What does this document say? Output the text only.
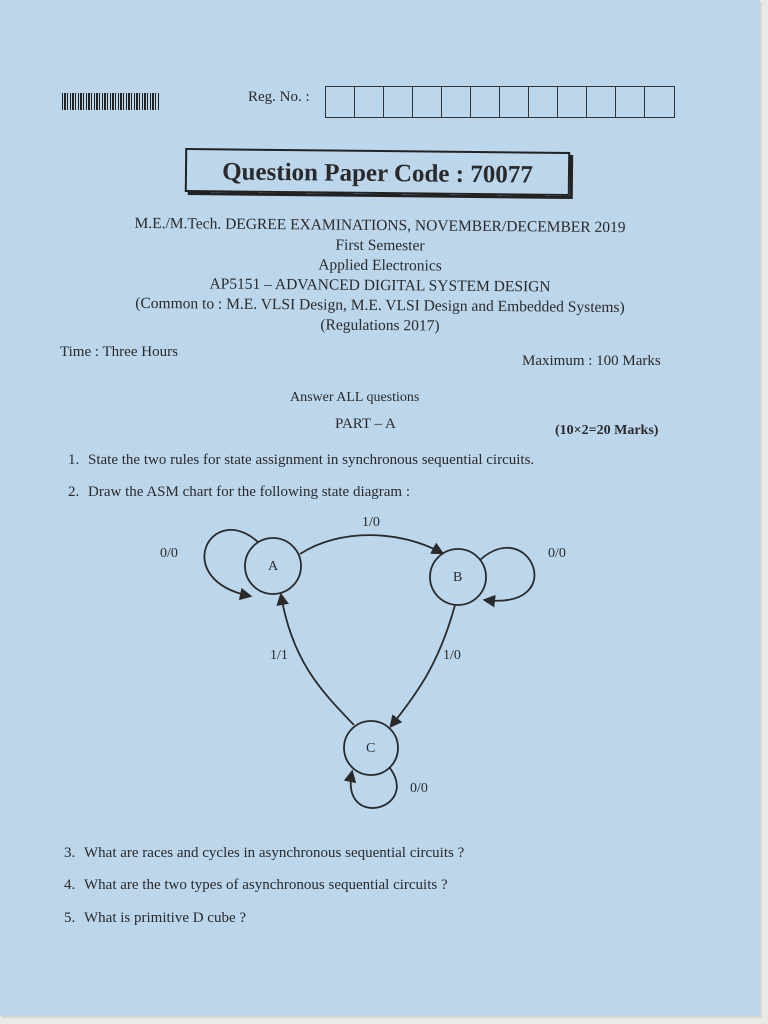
Reg. No. :
Question Paper Code : 70077
M.E./M.Tech. DEGREE EXAMINATIONS, NOVEMBER/DECEMBER 2019
First Semester
Applied Electronics
AP5151 – ADVANCED DIGITAL SYSTEM DESIGN
(Common to : M.E. VLSI Design, M.E. VLSI Design and Embedded Systems)
(Regulations 2017)
Time : Three Hours
Maximum : 100 Marks
Answer ALL questions
PART – A	(10×2=20 Marks)
1. State the two rules for state assignment in synchronous sequential circuits.
2. Draw the ASM chart for the following state diagram :
A
B
C
0/0	0/0
0/0
1/0
1/0
1/1
3. What are races and cycles in asynchronous sequential circuits ?
4. What are the two types of asynchronous sequential circuits ?
5. What is primitive D cube ?
